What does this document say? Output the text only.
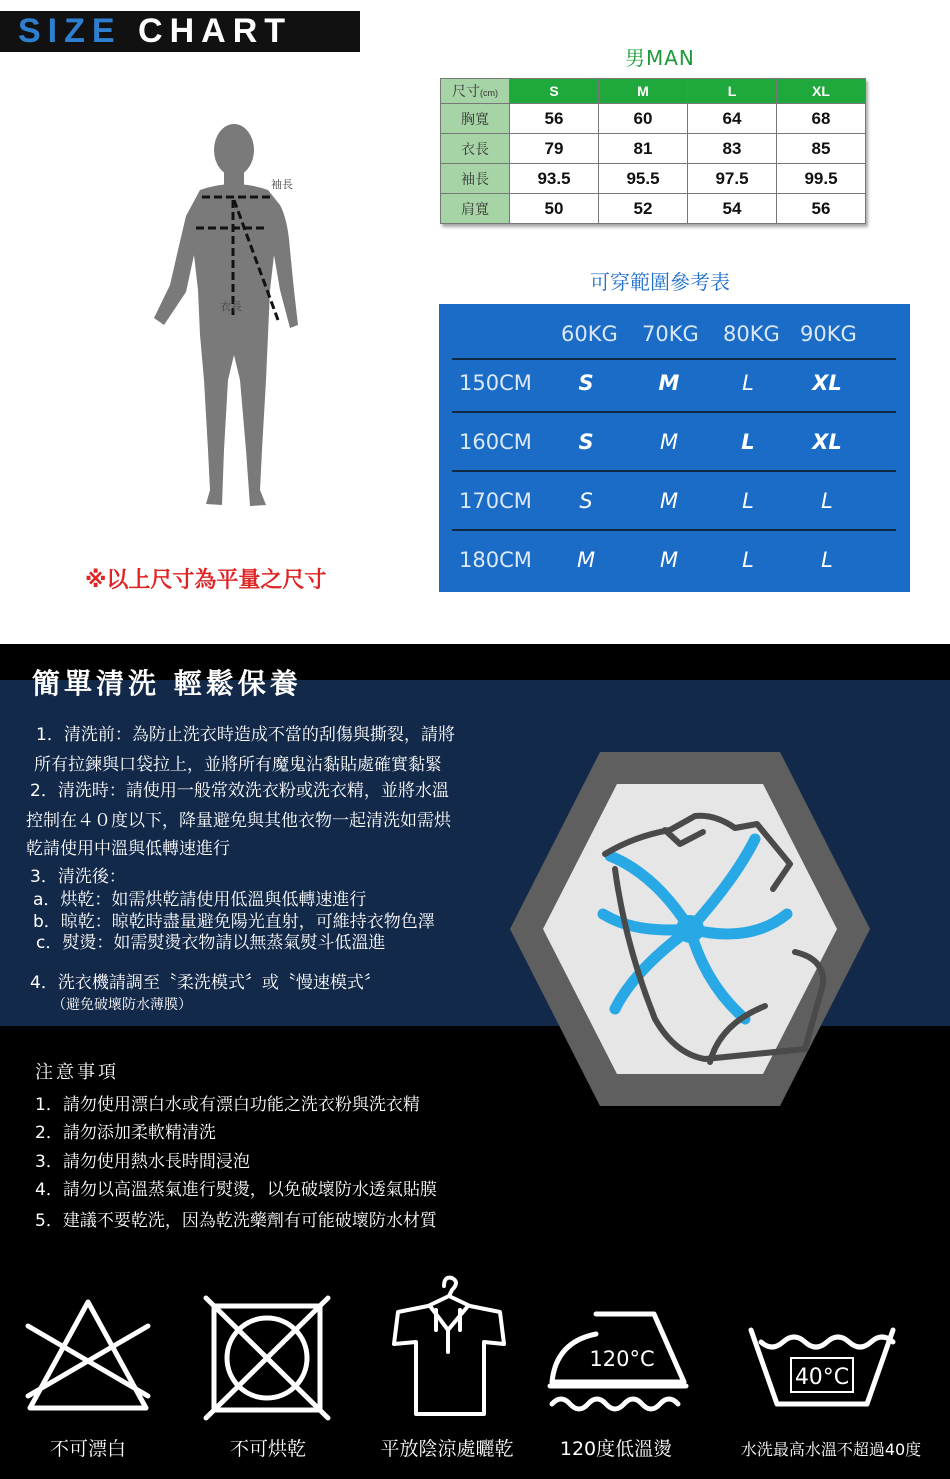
SIZE CHART
袖長
衣長
※以上尺寸為平量之尺寸
男MAN
尺寸(cm)	S	M	L	XL
胸寬	56	60	64	68
衣長	79	81	83	85
袖長	93.5	95.5	97.5	99.5
肩寬	50	52	54	56
可穿範圍參考表
60KG 70KG 80KG 90KG
150CM S	M	L	XL
160CM S	M	L	XL
170CM S	M	L	L
180CM M	M	L	L
簡單清洗 輕鬆保養
1．清洗前：為防止洗衣時造成不當的刮傷與撕裂，請將
所有拉鍊與口袋拉上，並將所有魔鬼沾黏貼處確實黏緊
2．清洗時：請使用一般常效洗衣粉或洗衣精，並將水溫
控制在４０度以下，降量避免與其他衣物一起清洗如需烘
乾請使用中溫與低轉速進行
3．清洗後：
a．烘乾：如需烘乾請使用低溫與低轉速進行
b．晾乾：晾乾時盡量避免陽光直射，可維持衣物色澤
c．熨燙：如需熨燙衣物請以無蒸氣熨斗低溫進
4．洗衣機請調至〝柔洗模式〞或〝慢速模式〞
（避免破壞防水薄膜）
注意事項
1．請勿使用漂白水或有漂白功能之洗衣粉與洗衣精
2．請勿添加柔軟精清洗
3．請勿使用熱水長時間浸泡
4．請勿以高溫蒸氣進行熨燙，以免破壞防水透氣貼膜
5．建議不要乾洗，因為乾洗藥劑有可能破壞防水材質
不可漂白	不可烘乾	平放陰涼處曬乾
120°C
120度低溫燙
40°C
水洗最高水溫不超過40度
